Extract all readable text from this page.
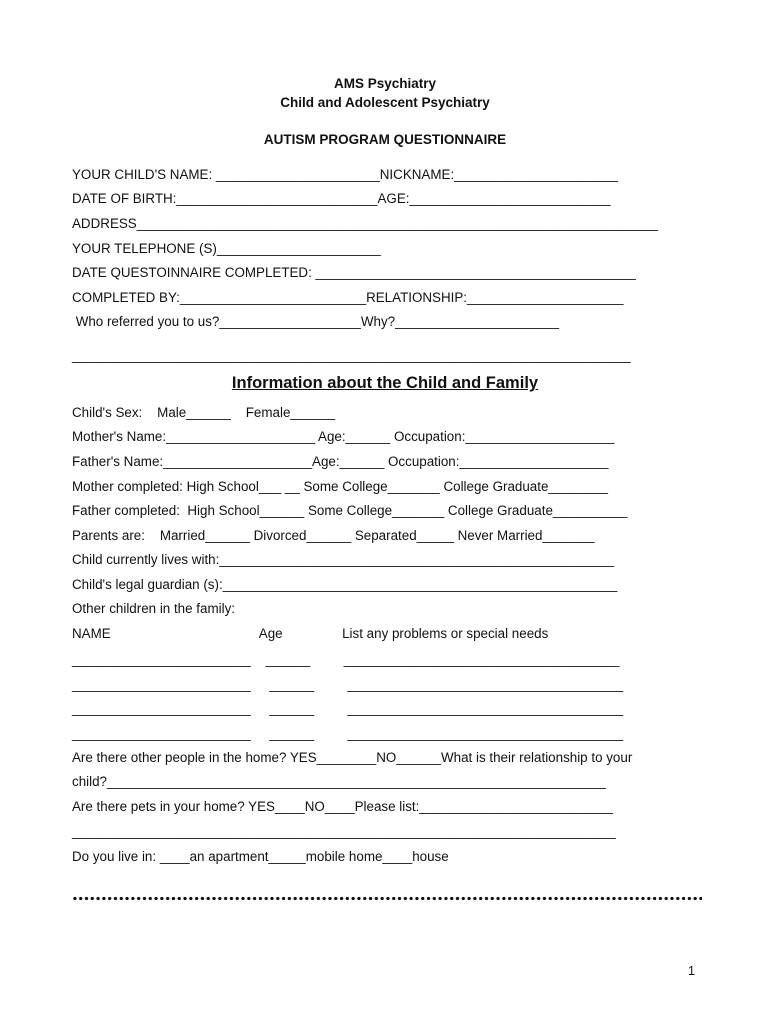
AMS Psychiatry
Child and Adolescent Psychiatry
AUTISM PROGRAM QUESTIONNAIRE
YOUR CHILD'S NAME: ______________________NICKNAME:______________________
DATE OF BIRTH:___________________________AGE:___________________________
ADDRESS______________________________________________________________________
YOUR TELEPHONE (S)______________________
DATE QUESTOINNAIRE COMPLETED: ___________________________________________
COMPLETED BY:_________________________RELATIONSHIP:_____________________
Who referred you to us?___________________Why?______________________
___________________________________________________________________________
Information about the Child and Family
Child's Sex:    Male______    Female______
Mother's Name:____________________ Age:______ Occupation:____________________
Father's Name:____________________Age:______ Occupation:____________________
Mother completed: High School___ __ Some College_______ College Graduate________
Father completed:  High School______ Some College_______ College Graduate__________
Parents are:    Married______ Divorced______ Separated_____ Never Married_______
Child currently lives with:_____________________________________________________
Child's legal guardian (s):_____________________________________________________
Other children in the family:
NAME                                        Age                List any problems or special needs
________________________    ______         _____________________________________
________________________     ______         _____________________________________
________________________     ______         _____________________________________
________________________     ______         _____________________________________
Are there other people in the home? YES________NO______What is their relationship to your
child?___________________________________________________________________
Are there pets in your home? YES____NO____Please list:__________________________
_________________________________________________________________________
Do you live in: ____an apartment_____mobile home____house
1
